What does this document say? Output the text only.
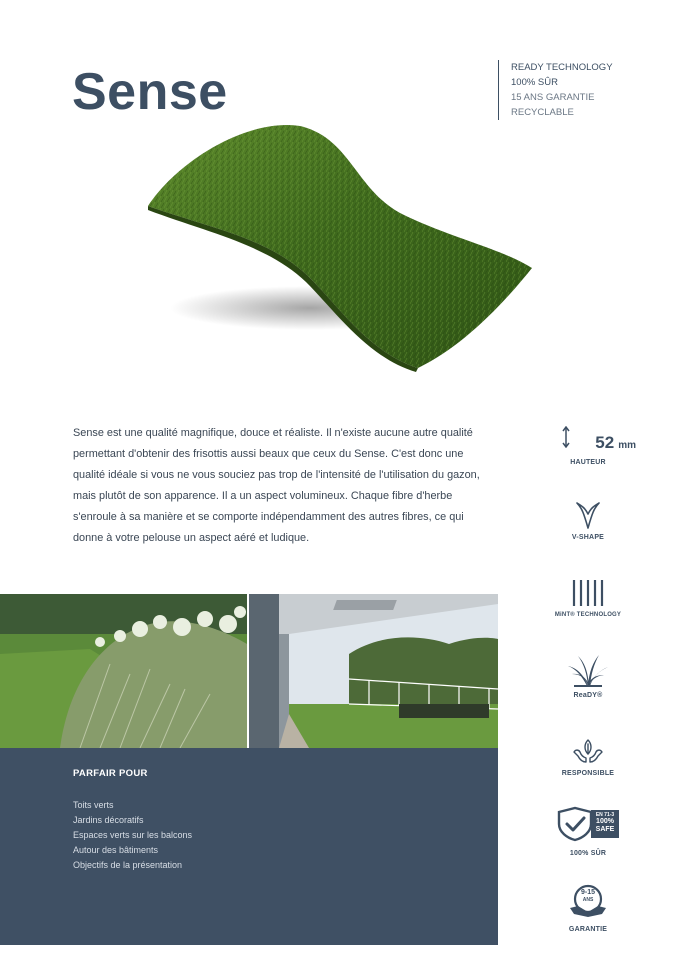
Sense	READY TECHNOLOGY
100% SÛR
15 ANS GARANTIE
RECYCLABLE
Sense est une qualité magnifique, douce et réaliste. Il n'existe aucune autre qualité permettant d'obtenir des frisottis aussi beaux que ceux du Sense. C'est donc une qualité idéale si vous ne vous souciez pas trop de l'intensité de l'utilisation du gazon, mais plutôt de son apparence. Il a un aspect volumineux. Chaque fibre d'herbe s'enroule à sa manière et se comporte indépendamment des autres fibres, ce qui donne à votre pelouse un aspect aéré et ludique.
PARFAIR POUR
Toits verts
Jardins décoratifs
Espaces verts sur les balcons
Autour des bâtiments
Objectifs de la présentation
52 mm
HAUTEUR
V-SHAPE
MiNT® TECHNOLOGY
ReaDY®
RESPONSIBLE
EN 71-3
100%
SAFE
100% SÛR
9-15
ANS
GARANTIE
